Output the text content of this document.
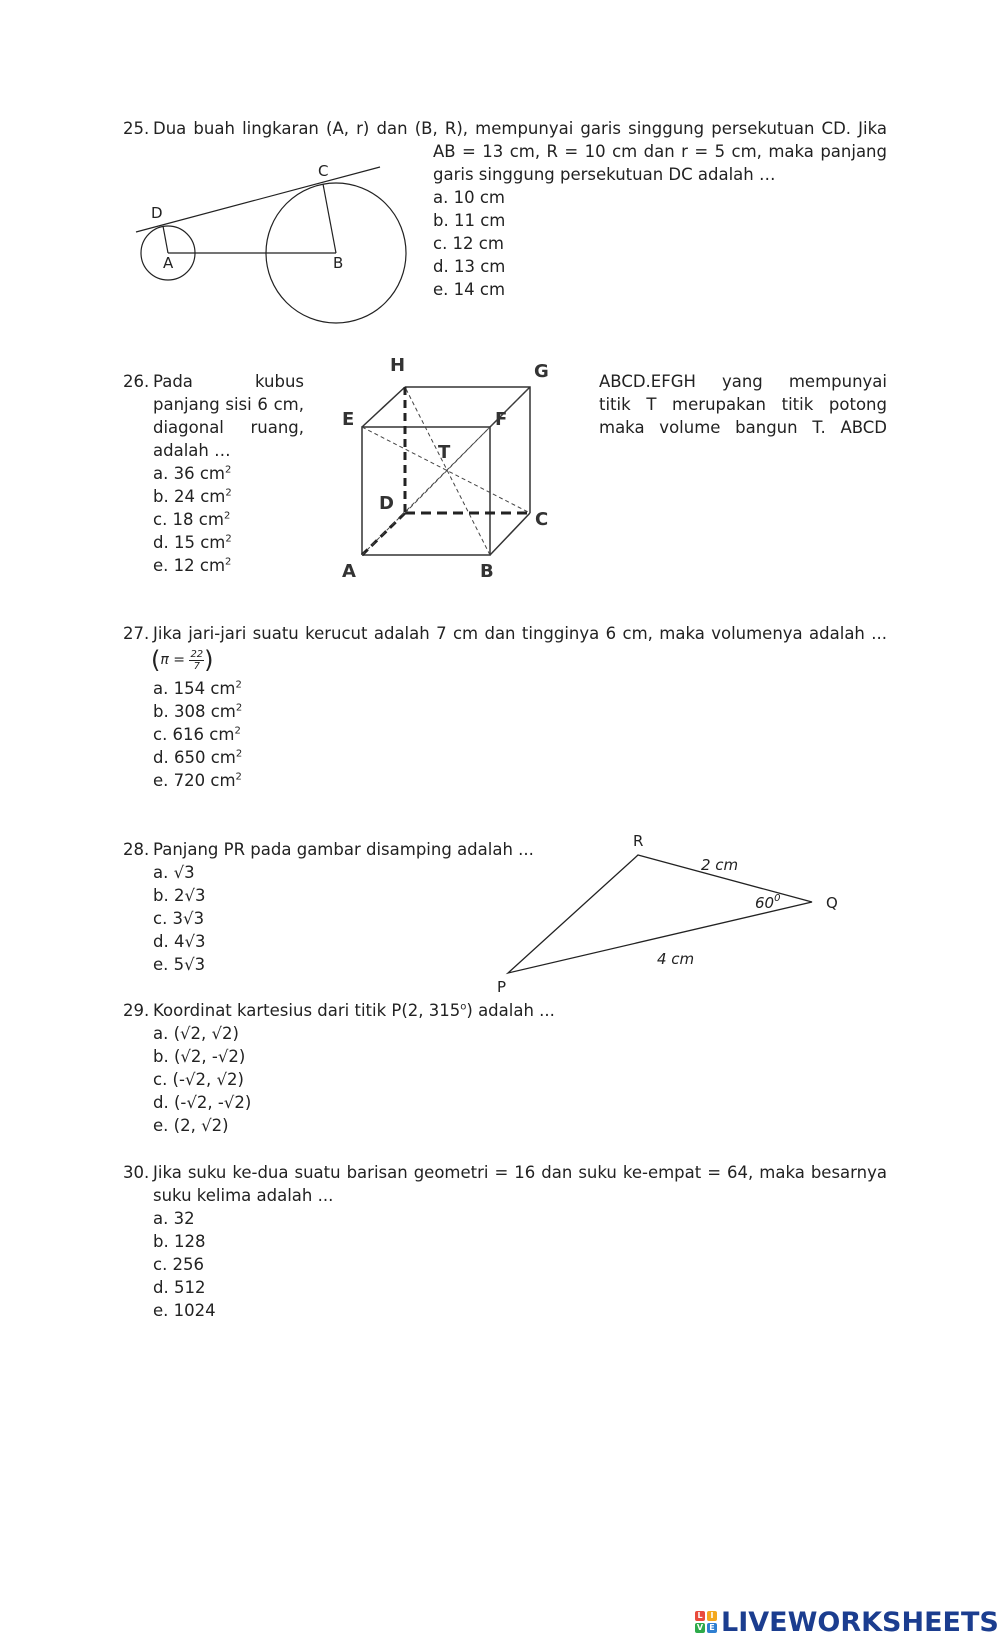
25. Dua buah lingkaran (A, r) dan (B, R), mempunyai garis singgung persekutuan CD. Jika
AB = 13 cm, R = 10 cm dan r = 5 cm, maka panjang
garis singgung persekutuan DC adalah …
a. 10 cm
b. 11 cm
c. 12 cm
d. 13 cm
e. 14 cm
C
D
A	B
26. Pada kubus
panjang sisi 6 cm,
diagonal ruang,
adalah …
ABCD.EFGH yang mempunyai
titik T merupakan titik potong
maka volume bangun T. ABCD
a. 36 $cm^2$
b. 24 $cm^2$
c. 18 $cm^2$
d. 15 $cm^2$
e. 12 $cm^2$
H	G
E	F
T
D
C
A	B
27. Jika jari-jari suatu kerucut adalah 7 cm dan tingginya 6 cm, maka volumenya adalah ...
$(\pi = \frac{22}{7})$
a. 154 $cm^2$
b. 308 $cm^2$
c. 616 $cm^2$
d. 650 $cm^2$
e. 720 $cm^2$
28. Panjang PR pada gambar disamping adalah ...
a. √3
b. 2√3
c. 3√3
d. 4√3
e. 5√3
R
Q
P
2 cm
4 cm
$60^0$
29. Koordinat kartesius dari titik P(2, 315$^o$) adalah ...
a. (√2, √2)
b. (√2, -√2)
c. (-√2, √2)
d. (-√2, -√2)
e. (2, √2)
30. Jika suku ke-dua suatu barisan geometri = 16 dan suku ke-empat = 64, maka besarnya
suku kelima adalah ...
a. 32
b. 128
c. 256
d. 512
e. 1024
L I
V E LIVEWORKSHEETS
